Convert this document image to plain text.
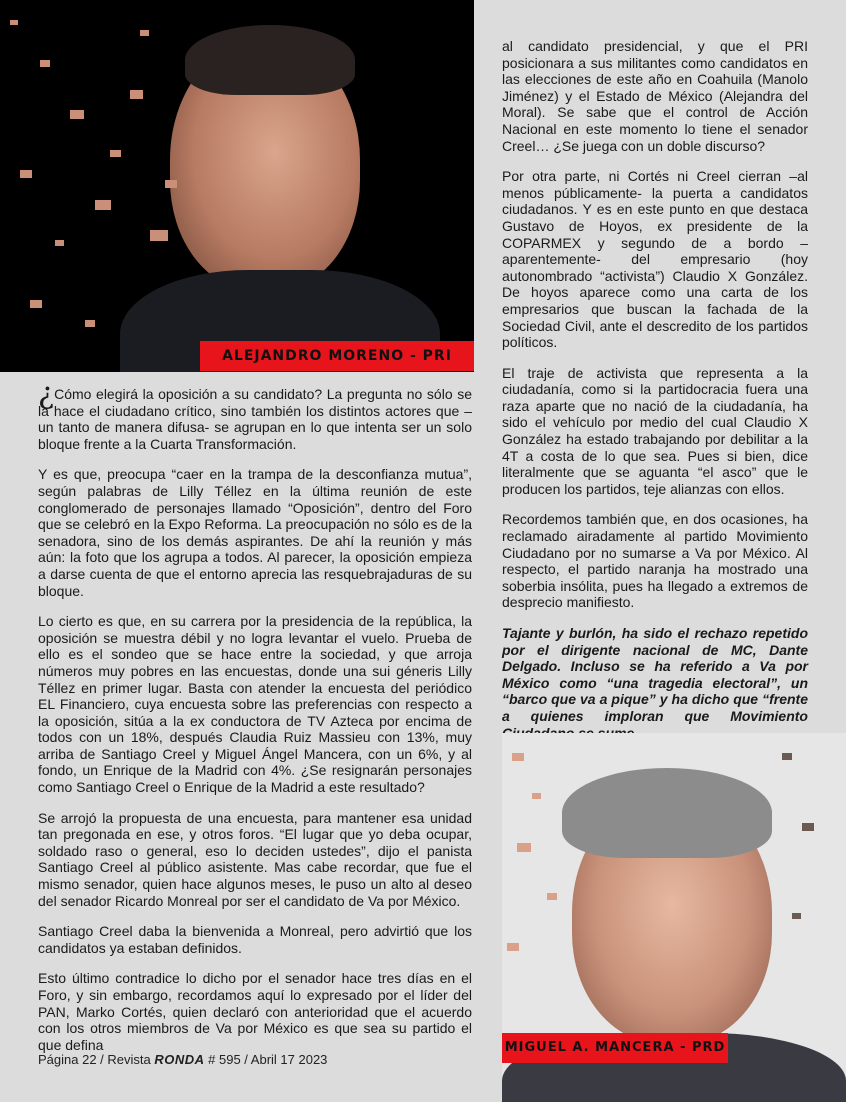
ALEJANDRO MORENO - PRI

¿Cómo elegirá la oposición a su candidato? La pregunta no sólo se la hace el ciudadano crítico, sino también los distintos actores que –un tanto de manera difusa- se agrupan en lo que intenta ser un solo bloque frente a la Cuarta Transformación.

Y es que, preocupa “caer en la trampa de la desconfianza mutua”, según palabras de Lilly Téllez en la última reunión de este conglomerado de personajes llamado “Oposición”, dentro del Foro que se celebró en la Expo Reforma. La preocupación no sólo es de la senadora, sino de los demás aspirantes. De ahí la reunión y más aún: la foto que los agrupa a todos. Al parecer, la oposición empieza a darse cuenta de que el entorno aprecia las resquebrajaduras de su bloque.

Lo cierto es que, en su carrera por la presidencia de la república, la oposición se muestra débil y no logra levantar el vuelo. Prueba de ello es el sondeo que se hace entre la sociedad, y que arroja números muy pobres en las encuestas, donde una sui géneris Lilly Téllez en primer lugar. Basta con atender la encuesta del periódico EL Financiero, cuya encuesta sobre las preferencias con respecto a la oposición, sitúa a la ex conductora de TV Azteca por encima de todos con un 18%, después Claudia Ruiz Massieu con 13%, muy arriba de Santiago Creel y Miguel Ángel Mancera, con un 6%, y al fondo, un Enrique de la Madrid con 4%. ¿Se resignarán personajes como Santiago Creel o Enrique de la Madrid a este resultado?

Se arrojó la propuesta de una encuesta, para mantener esa unidad tan pregonada en ese, y otros foros. “El lugar que yo deba ocupar, soldado raso o general, eso lo deciden ustedes”, dijo el panista Santiago Creel al público asistente. Mas cabe recordar, que fue el mismo senador, quien hace algunos meses, le puso un alto al deseo del senador Ricardo Monreal por ser el candidato de Va por México.

Santiago Creel daba la bienvenida a Monreal, pero advirtió que los candidatos ya estaban definidos.

Esto último contradice lo dicho por el senador hace tres días en el Foro, y sin embargo, recordamos aquí lo expresado por el líder del PAN, Marko Cortés, quien declaró con anterioridad que el acuerdo con los otros miembros de Va por México es que sea su partido el que defina

al candidato presidencial, y que el PRI posicionara a sus militantes como candidatos en las elecciones de este año en Coahuila (Manolo Jiménez) y el Estado de México (Alejandra del Moral). Se sabe que el control de Acción Nacional en este momento lo tiene el senador Creel… ¿Se juega con un doble discurso?

Por otra parte, ni Cortés ni Creel cierran –al menos públicamente- la puerta a candidatos ciudadanos. Y es en este punto en que destaca Gustavo de Hoyos, ex presidente de la COPARMEX y segundo de a bordo –aparentemente- del empresario (hoy autonombrado “activista”) Claudio X González. De hoyos aparece como una carta de los empresarios que buscan la fachada de la Sociedad Civil, ante el descredito de los partidos políticos.

El traje de activista que representa a la ciudadanía, como si la partidocracia fuera una raza aparte que no nació de la ciudadanía, ha sido el vehículo por medio del cual Claudio X González ha estado trabajando por debilitar a la 4T a costa de lo que sea. Pues si bien, dice literalmente que se aguanta “el asco” que le producen los partidos, teje alianzas con ellos.

Recordemos también que, en dos ocasiones, ha reclamado airadamente al partido Movimiento Ciudadano por no sumarse a Va por México. Al respecto, el partido naranja ha mostrado una soberbia insólita, pues ha llegado a extremos de desprecio manifiesto.

Tajante y burlón, ha sido el rechazo repetido por el dirigente nacional de MC, Dante Delgado. Incluso se ha referido a Va por México como “una tragedia electoral”, un “barco que va a pique” y ha dicho que “frente a quienes imploran que Movimiento

MIGUEL A. MANCERA - PRD
Página 22 / Revista RONDA # 595 / Abril 17 2023
